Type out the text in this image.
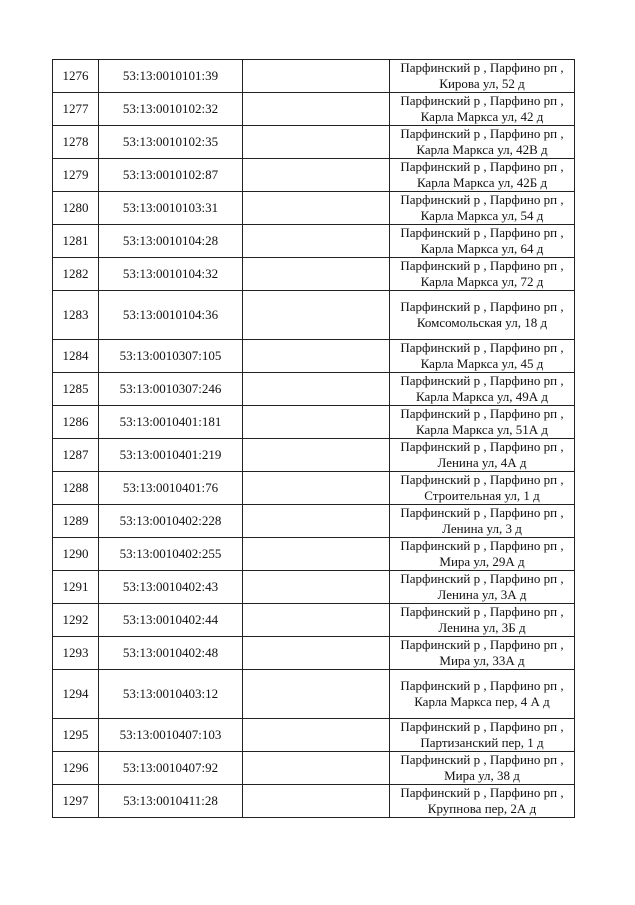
1276	53:13:0010101:39		Парфинский р , Парфино рп ,
Кирова ул, 52 д

1277	53:13:0010102:32		Парфинский р , Парфино рп ,
Карла Маркса ул, 42 д

1278	53:13:0010102:35		Парфинский р , Парфино рп ,
Карла Маркса ул, 42В д

1279	53:13:0010102:87		Парфинский р , Парфино рп ,
Карла Маркса ул, 42Б д

1280	53:13:0010103:31		Парфинский р , Парфино рп ,
Карла Маркса ул, 54 д

1281	53:13:0010104:28		Парфинский р , Парфино рп ,
Карла Маркса ул, 64 д

1282	53:13:0010104:32		Парфинский р , Парфино рп ,
Карла Маркса ул, 72 д

1283	53:13:0010104:36		Парфинский р , Парфино рп ,
Комсомольская ул, 18 д

1284	53:13:0010307:105		Парфинский р , Парфино рп ,
Карла Маркса ул, 45 д

1285	53:13:0010307:246		Парфинский р , Парфино рп ,
Карла Маркса ул, 49А д

1286	53:13:0010401:181		Парфинский р , Парфино рп ,
Карла Маркса ул, 51А д

1287	53:13:0010401:219		Парфинский р , Парфино рп ,
Ленина ул, 4А д

1288	53:13:0010401:76		Парфинский р , Парфино рп ,
Строительная ул, 1 д

1289	53:13:0010402:228		Парфинский р , Парфино рп ,
Ленина ул, 3 д

1290	53:13:0010402:255		Парфинский р , Парфино рп ,
Мира ул, 29А д

1291	53:13:0010402:43		Парфинский р , Парфино рп ,
Ленина ул, 3А д

1292	53:13:0010402:44		Парфинский р , Парфино рп ,
Ленина ул, 3Б д

1293	53:13:0010402:48		Парфинский р , Парфино рп ,
Мира ул, 33А д

1294	53:13:0010403:12		Парфинский р , Парфино рп ,
Карла Маркса пер, 4 А д

1295	53:13:0010407:103		Парфинский р , Парфино рп ,
Партизанский пер, 1 д

1296	53:13:0010407:92		Парфинский р , Парфино рп ,
Мира ул, 38 д

1297	53:13:0010411:28		Парфинский р , Парфино рп ,
Крупнова пер, 2А д
